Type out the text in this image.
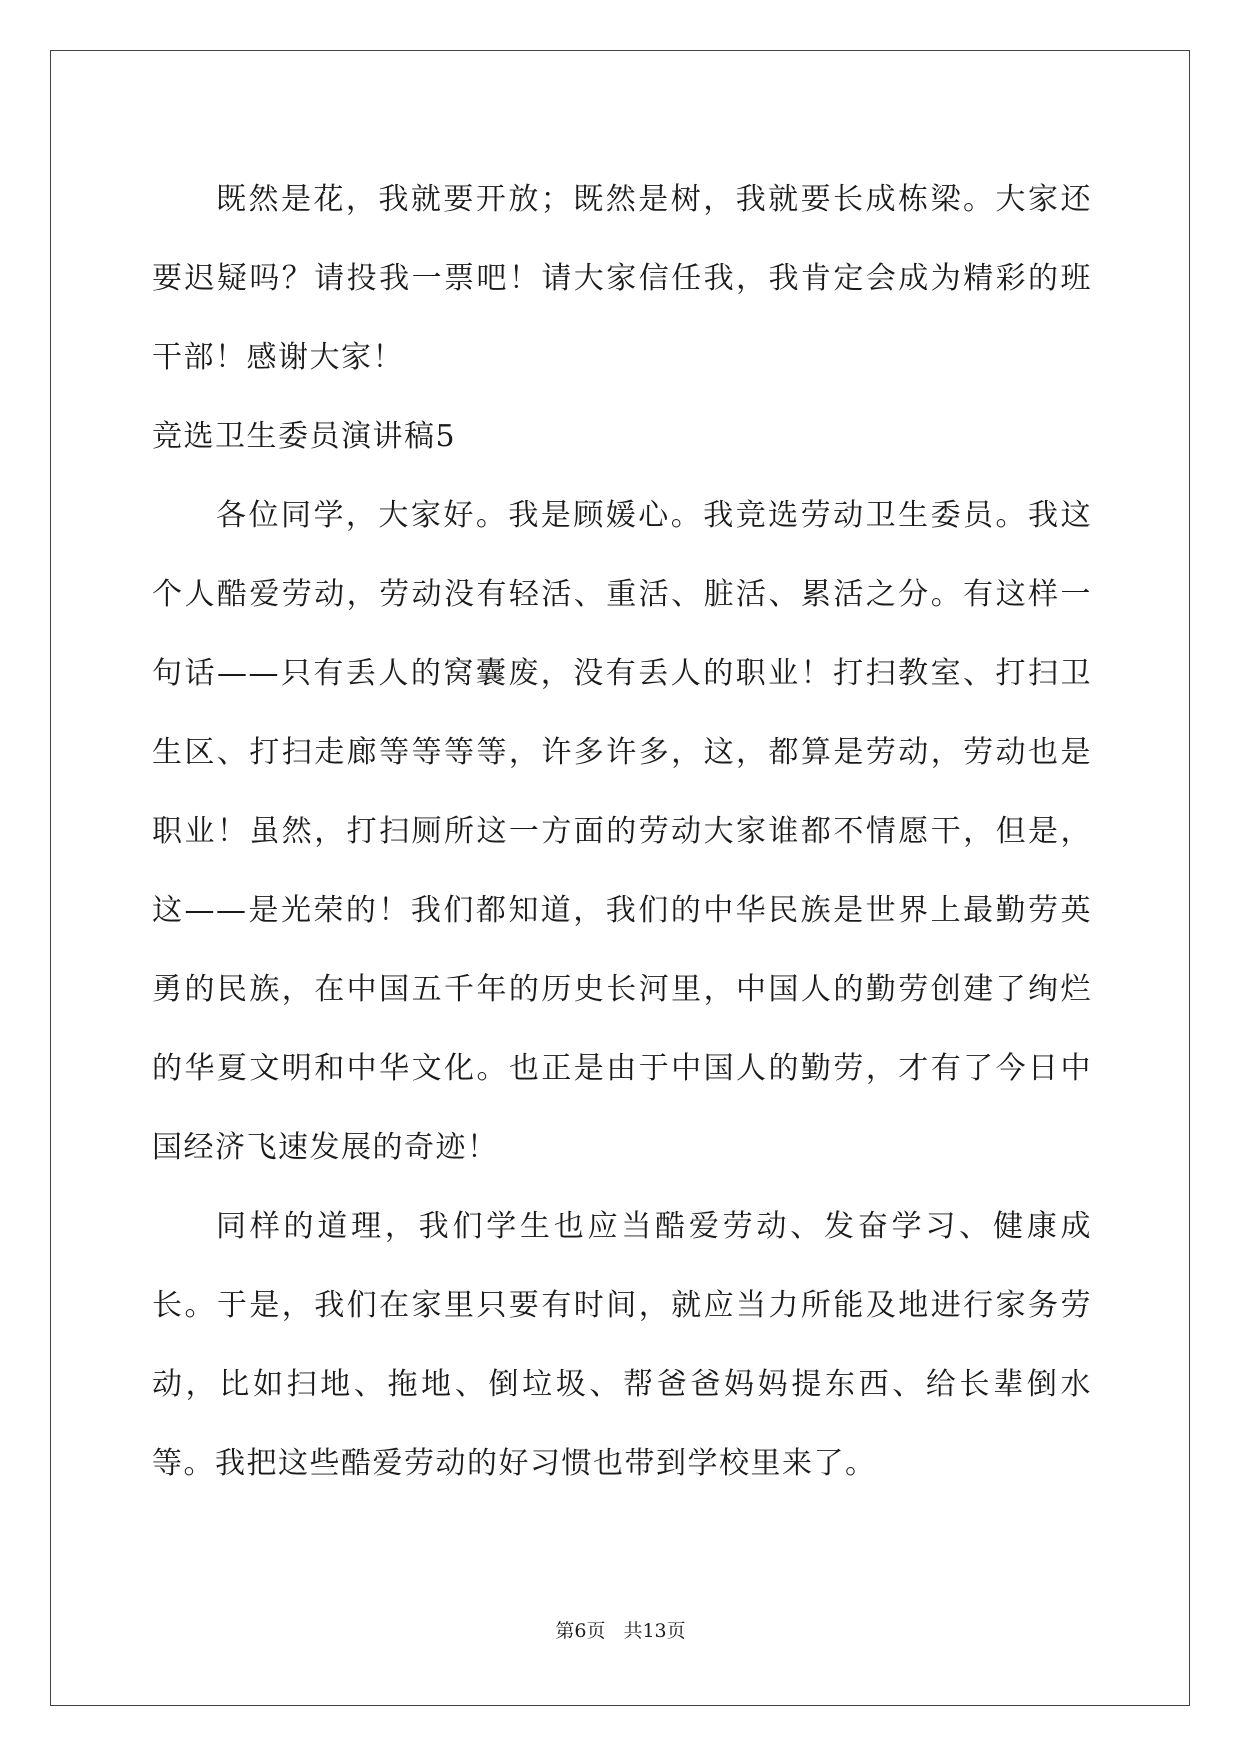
既然是花，我就要开放；既然是树，我就要长成栋梁。大家还要迟疑吗？请投我一票吧！请大家信任我，我肯定会成为精彩的班干部！感谢大家！

竞选卫生委员演讲稿5

各位同学，大家好。我是顾媛心。我竞选劳动卫生委员。我这个人酷爱劳动，劳动没有轻活、重活、脏活、累活之分。有这样一句话——只有丢人的窝囊废，没有丢人的职业！打扫教室、打扫卫生区、打扫走廊等等等等，许多许多，这，都算是劳动，劳动也是职业！虽然，打扫厕所这一方面的劳动大家谁都不情愿干，但是，这——是光荣的！我们都知道，我们的中华民族是世界上最勤劳英勇的民族，在中国五千年的历史长河里，中国人的勤劳创建了绚烂的华夏文明和中华文化。也正是由于中国人的勤劳，才有了今日中国经济飞速发展的奇迹！

同样的道理，我们学生也应当酷爱劳动、发奋学习、健康成长。于是，我们在家里只要有时间，就应当力所能及地进行家务劳动，比如扫地、拖地、倒垃圾、帮爸爸妈妈提东西、给长辈倒水等。我把这些酷爱劳动的好习惯也带到学校里来了。

第6页 共13页
